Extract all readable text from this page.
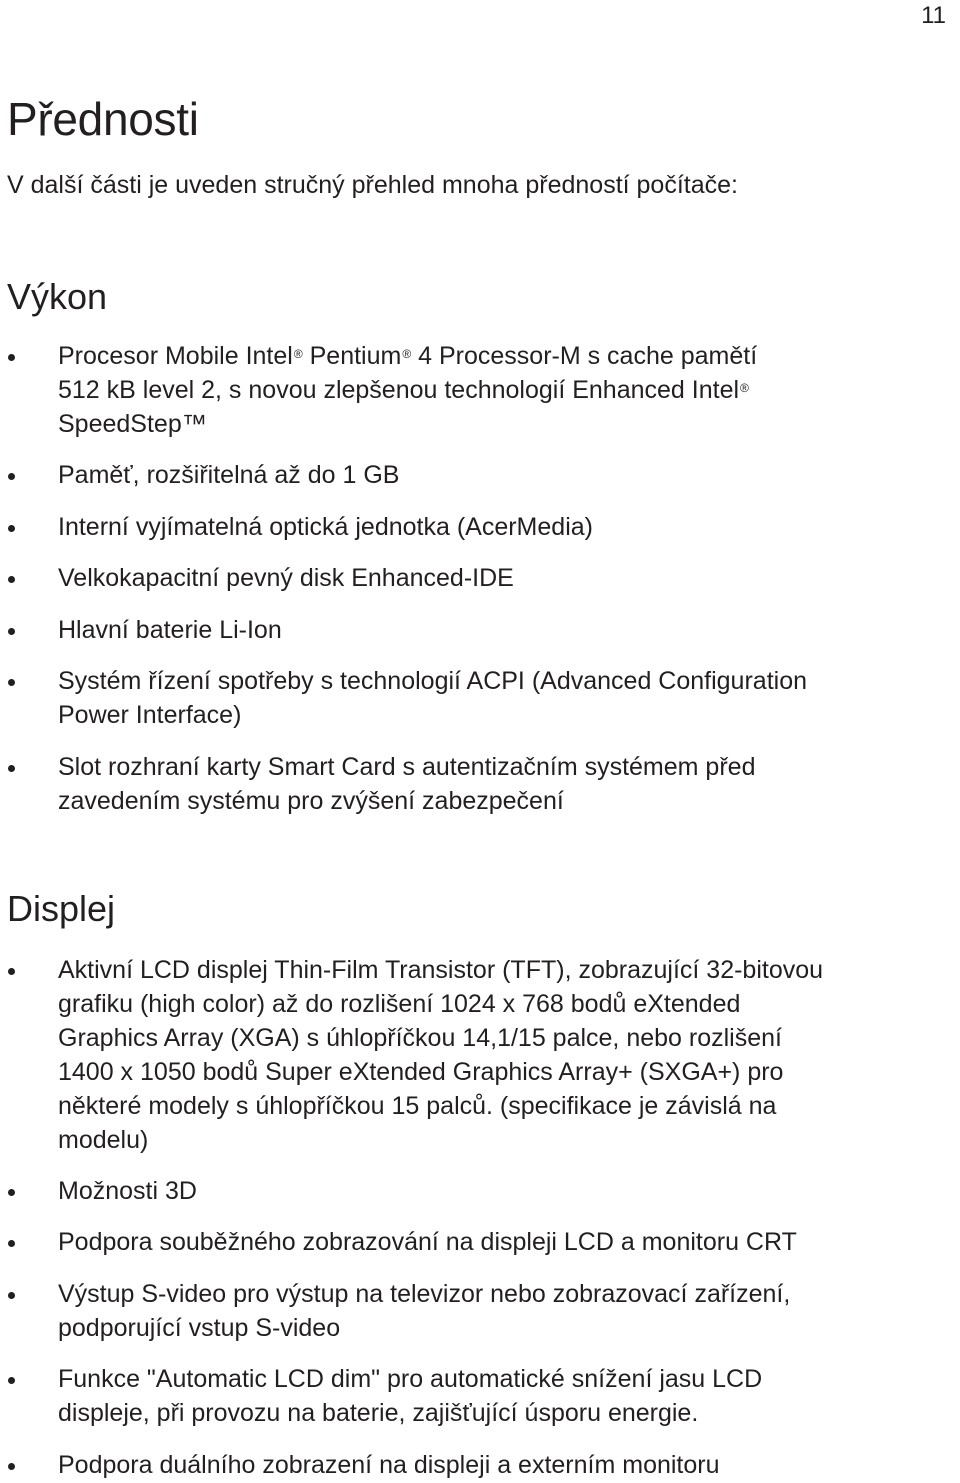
11
Přednosti

V další části je uveden stručný přehled mnoha předností počítače:

Výkon
Procesor Mobile Intel® Pentium® 4 Processor-M s cache pamětí
512 kB level 2, s novou zlepšenou technologií Enhanced Intel®
SpeedStep™
Paměť, rozšiřitelná až do 1 GB
Interní vyjímatelná optická jednotka (AcerMedia)
Velkokapacitní pevný disk Enhanced-IDE
Hlavní baterie Li-Ion
Systém řízení spotřeby s technologií ACPI (Advanced Configuration
Power Interface)
Slot rozhraní karty Smart Card s autentizačním systémem před
zavedením systému pro zvýšení zabezpečení
Displej
Aktivní LCD displej Thin-Film Transistor (TFT), zobrazující 32-bitovou
grafiku (high color) až do rozlišení 1024 x 768 bodů eXtended
Graphics Array (XGA) s úhlopříčkou 14,1/15 palce, nebo rozlišení
1400 x 1050 bodů Super eXtended Graphics Array+ (SXGA+) pro
některé modely s úhlopříčkou 15 palců. (specifikace je závislá na
modelu)
Možnosti 3D
Podpora souběžného zobrazování na displeji LCD a monitoru CRT
Výstup S-video pro výstup na televizor nebo zobrazovací zařízení,
podporující vstup S-video
Funkce "Automatic LCD dim" pro automatické snížení jasu LCD
displeje, při provozu na baterie, zajišťující úsporu energie.
Podpora duálního zobrazení na displeji a externím monitoru
